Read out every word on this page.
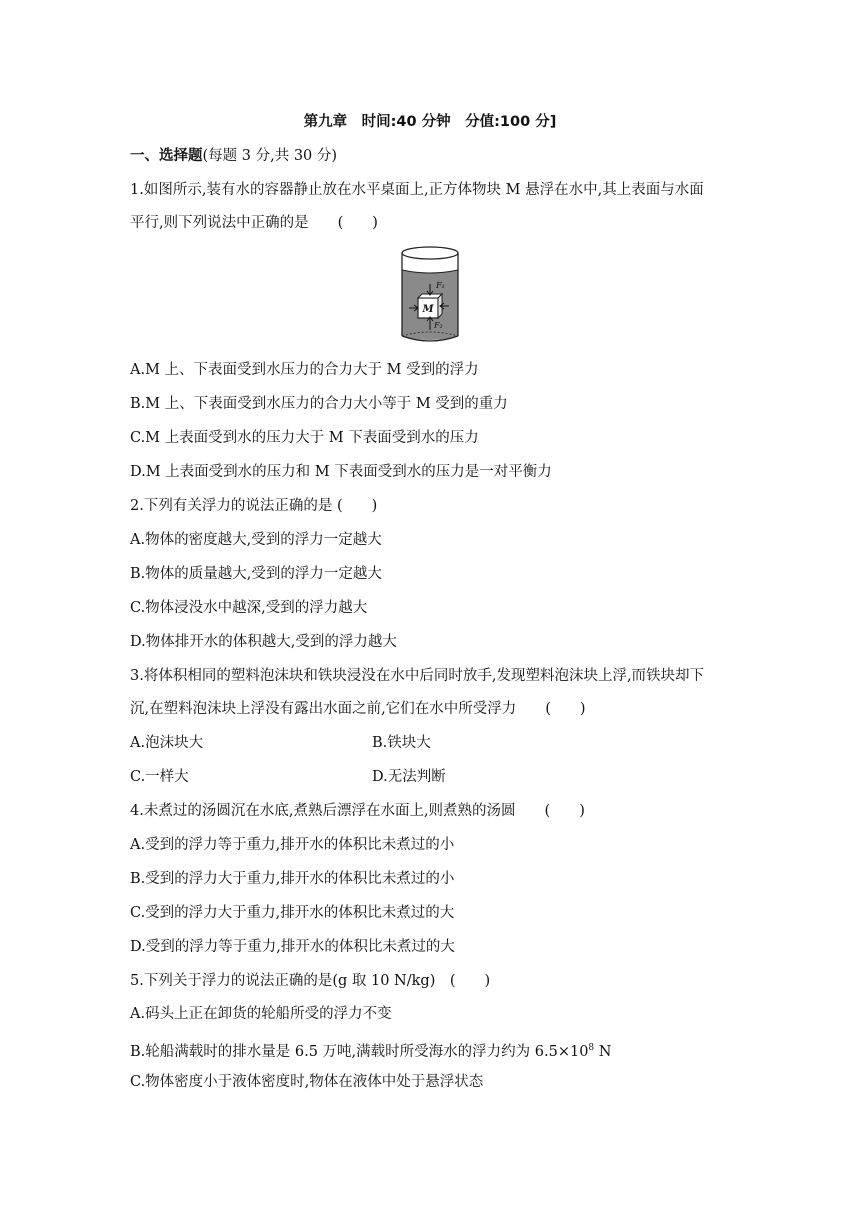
第九章　时间:40 分钟　分值:100 分]
一、选择题(每题 3 分,共 30 分)
1.如图所示,装有水的容器静止放在水平桌面上,正方体物块 M 悬浮在水中,其上表面与水面
平行,则下列说法中正确的是　　(　　)
M
F₁
F₂
A.M 上、下表面受到水压力的合力大于 M 受到的浮力
B.M 上、下表面受到水压力的合力大小等于 M 受到的重力
C.M 上表面受到水的压力大于 M 下表面受到水的压力
D.M 上表面受到水的压力和 M 下表面受到水的压力是一对平衡力
2.下列有关浮力的说法正确的是 (　　)
A.物体的密度越大,受到的浮力一定越大
B.物体的质量越大,受到的浮力一定越大
C.物体浸没水中越深,受到的浮力越大
D.物体排开水的体积越大,受到的浮力越大
3.将体积相同的塑料泡沫块和铁块浸没在水中后同时放手,发现塑料泡沫块上浮,而铁块却下
沉,在塑料泡沫块上浮没有露出水面之前,它们在水中所受浮力　　(　　)
A.泡沫块大	B.铁块大
C.一样大	D.无法判断
4.未煮过的汤圆沉在水底,煮熟后漂浮在水面上,则煮熟的汤圆　　(　　)
A.受到的浮力等于重力,排开水的体积比未煮过的小
B.受到的浮力大于重力,排开水的体积比未煮过的小
C.受到的浮力大于重力,排开水的体积比未煮过的大
D.受到的浮力等于重力,排开水的体积比未煮过的大
5.下列关于浮力的说法正确的是(g 取 10 N/kg)　(　　)
A.码头上正在卸货的轮船所受的浮力不变
B.轮船满载时的排水量是 6.5 万吨,满载时所受海水的浮力约为 $6.5\times 10^8$ N
C.物体密度小于液体密度时,物体在液体中处于悬浮状态
